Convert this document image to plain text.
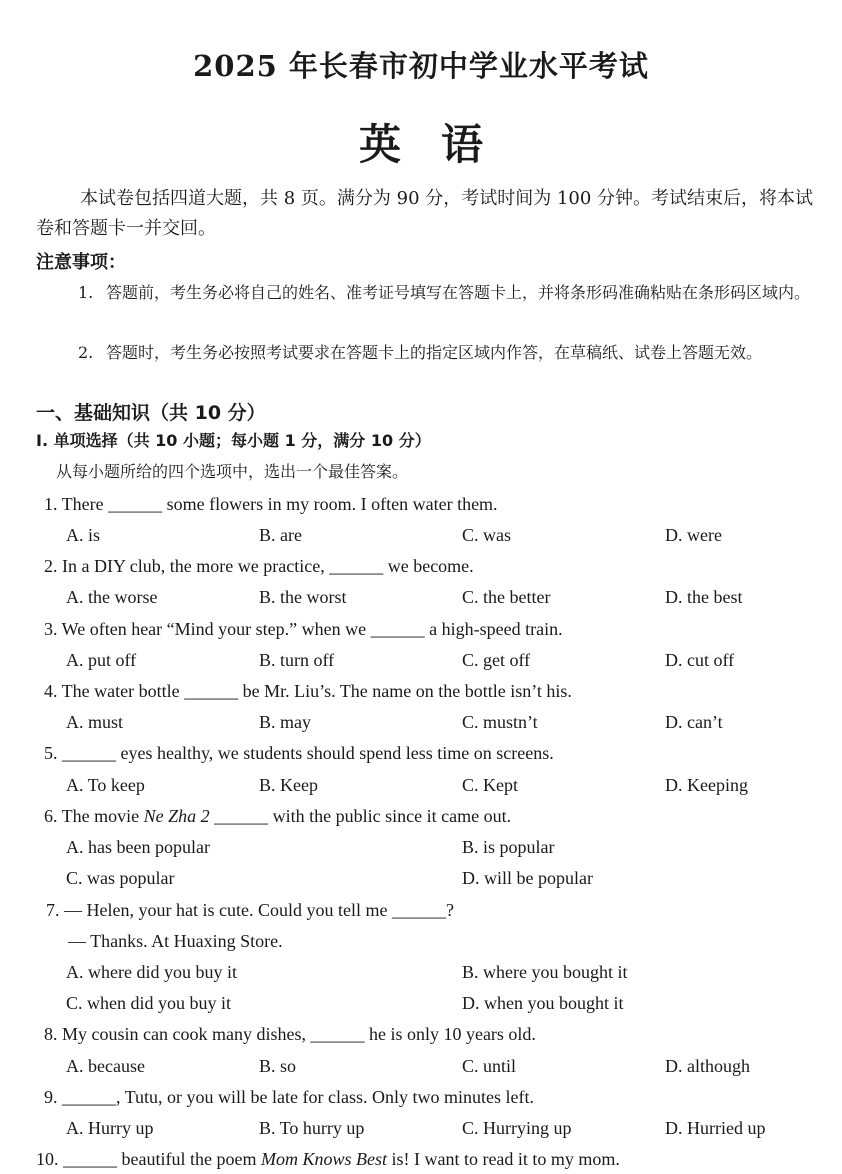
2025 年长春市初中学业水平考试
英语
本试卷包括四道大题，共 8 页。满分为 90 分，考试时间为 100 分钟。考试结束后，将本试卷和答题卡一并交回。
注意事项：
1. 答题前，考生务必将自己的姓名、准考证号填写在答题卡上，并将条形码准确粘贴在条形码区域内。
2. 答题时，考生务必按照考试要求在答题卡上的指定区域内作答，在草稿纸、试卷上答题无效。
一、基础知识（共 10 分）
I. 单项选择（共 10 小题；每小题 1 分，满分 10 分）
从每小题所给的四个选项中，选出一个最佳答案。
1. There ______ some flowers in my room. I often water them.
A. is	B. are	C. was	D. were
2. In a DIY club, the more we practice, ______ we become.
A. the worse	B. the worst	C. the better	D. the best
3. We often hear “Mind your step.” when we ______ a high-speed train.
A. put off	B. turn off	C. get off	D. cut off
4. The water bottle ______ be Mr. Liu’s. The name on the bottle isn’t his.
A. must	B. may	C. mustn’t	D. can’t
5. ______ eyes healthy, we students should spend less time on screens.
A. To keep	B. Keep	C. Kept	D. Keeping
6. The movie Ne Zha 2 ______ with the public since it came out.
A. has been popular	B. is popular
C. was popular	D. will be popular
7. — Helen, your hat is cute. Could you tell me ______?
— Thanks. At Huaxing Store.
A. where did you buy it	B. where you bought it
C. when did you buy it	D. when you bought it
8. My cousin can cook many dishes, ______ he is only 10 years old.
A. because	B. so	C. until	D. although
9. ______, Tutu, or you will be late for class. Only two minutes left.
A. Hurry up	B. To hurry up	C. Hurrying up	D. Hurried up
10. ______ beautiful the poem Mom Knows Best is! I want to read it to my mom.
